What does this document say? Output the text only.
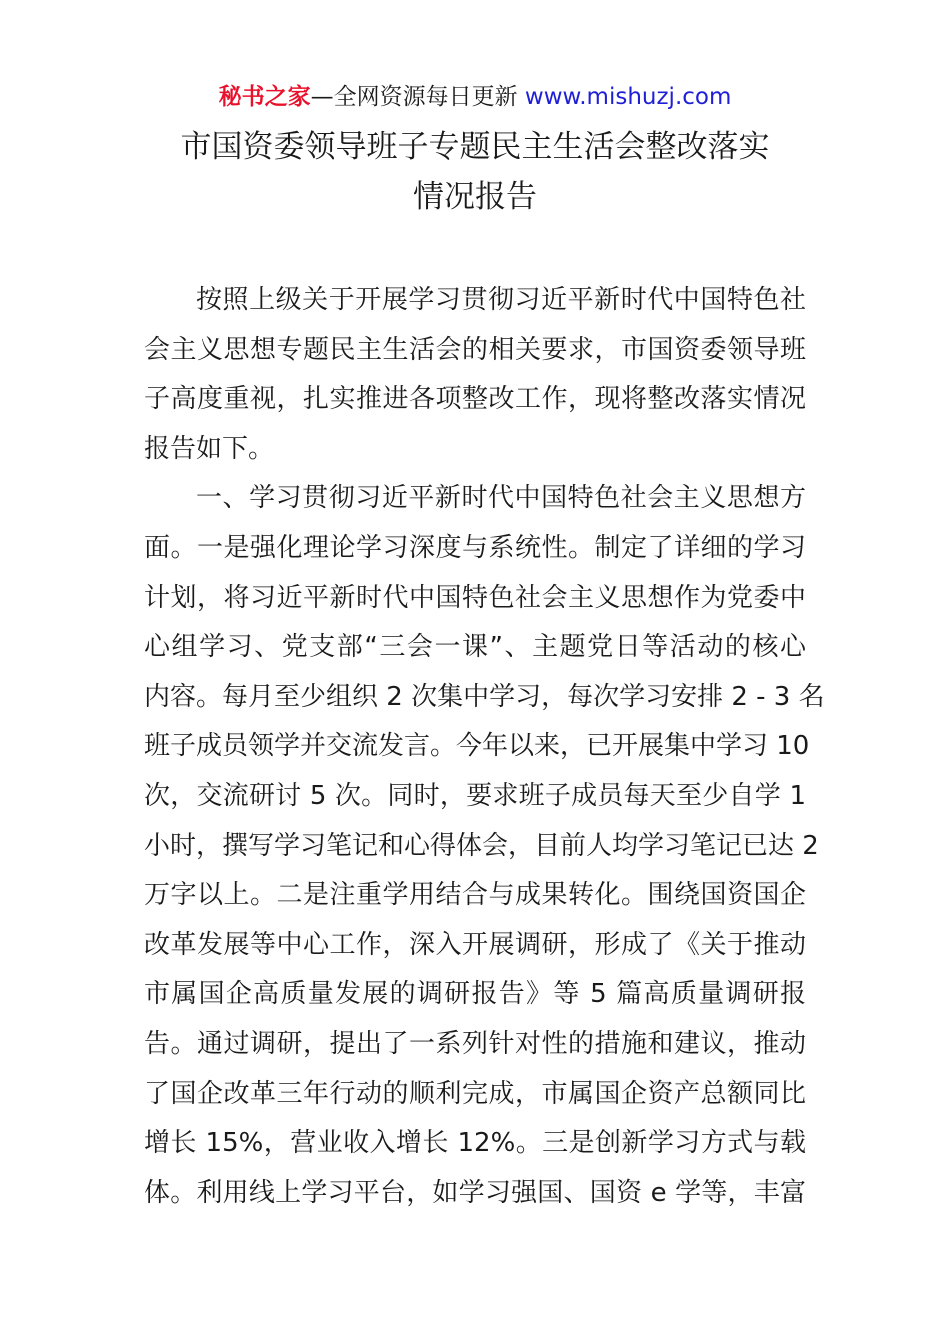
秘书之家—全网资源每日更新 www.mishuzj.com
市国资委领导班子专题民主生活会整改落实
情况报告
按照上级关于开展学习贯彻习近平新时代中国特色社
会主义思想专题民主生活会的相关要求，市国资委领导班
子高度重视，扎实推进各项整改工作，现将整改落实情况
报告如下。
一、学习贯彻习近平新时代中国特色社会主义思想方
面。一是强化理论学习深度与系统性。制定了详细的学习
计划，将习近平新时代中国特色社会主义思想作为党委中
心组学习、党支部“三会一课”、主题党日等活动的核心
内容。每月至少组织 2 次集中学习，每次学习安排 2 - 3 名
班子成员领学并交流发言。今年以来，已开展集中学习 10
次，交流研讨 5 次。同时，要求班子成员每天至少自学 1
小时，撰写学习笔记和心得体会，目前人均学习笔记已达 2
万字以上。二是注重学用结合与成果转化。围绕国资国企
改革发展等中心工作，深入开展调研，形成了《关于推动
市属国企高质量发展的调研报告》等 5 篇高质量调研报
告。通过调研，提出了一系列针对性的措施和建议，推动
了国企改革三年行动的顺利完成，市属国企资产总额同比
增长 15%，营业收入增长 12%。三是创新学习方式与载
体。利用线上学习平台，如学习强国、国资 e 学等，丰富
